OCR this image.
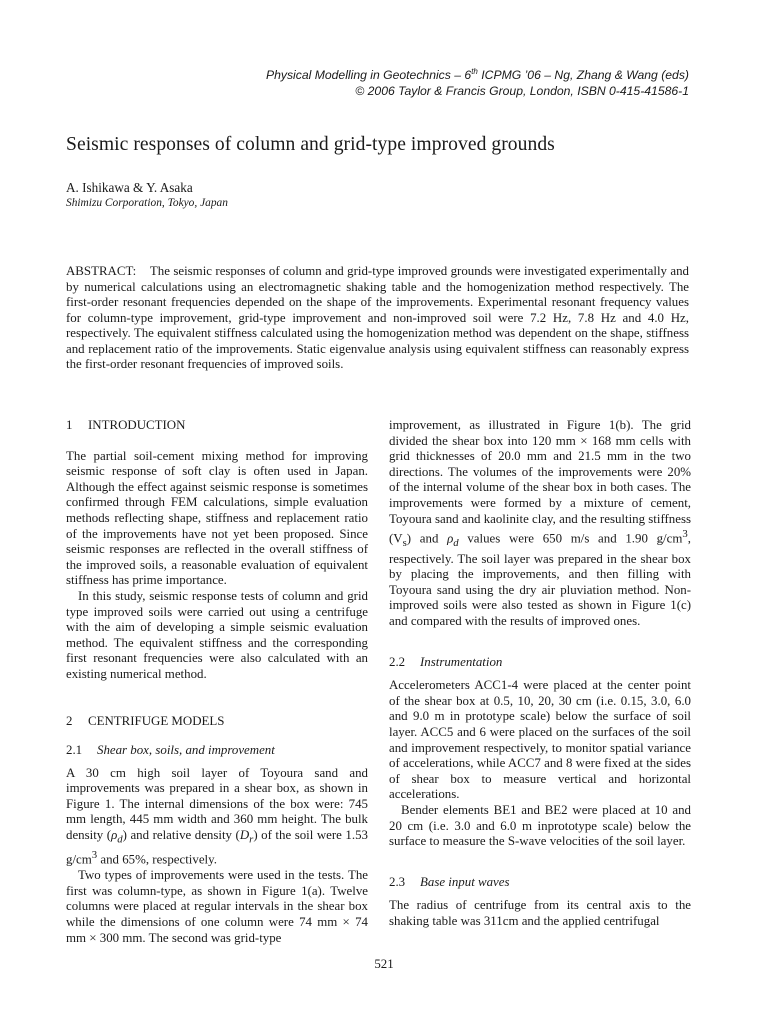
Physical Modelling in Geotechnics – 6th ICPMG ’06 – Ng, Zhang & Wang (eds)
© 2006 Taylor & Francis Group, London, ISBN 0-415-41586-1
Seismic responses of column and grid-type improved grounds
A. Ishikawa & Y. Asaka
Shimizu Corporation, Tokyo, Japan

ABSTRACT: The seismic responses of column and grid-type improved grounds were investigated experimentally and by numerical calculations using an electromagnetic shaking table and the homogenization method respectively. The first-order resonant frequencies depended on the shape of the improvements. Experimental resonant frequency values for column-type improvement, grid-type improvement and non-improved soil were 7.2 Hz, 7.8 Hz and 4.0 Hz, respectively. The equivalent stiffness calculated using the homogenization method was dependent on the shape, stiffness and replacement ratio of the improvements. Static eigenvalue analysis using equivalent stiffness can reasonably express the first-order resonant frequencies of improved soils.

1 INTRODUCTION

The partial soil-cement mixing method for improving seismic response of soft clay is often used in Japan. Although the effect against seismic response is sometimes confirmed through FEM calculations, simple evaluation methods reflecting shape, stiffness and replacement ratio of the improvements have not yet been proposed. Since seismic responses are reflected in the overall stiffness of the improved soils, a reasonable evaluation of equivalent stiffness has prime importance.

In this study, seismic response tests of column and grid type improved soils were carried out using a centrifuge with the aim of developing a simple seismic evaluation method. The equivalent stiffness and the corresponding first resonant frequencies were also calculated with an existing numerical method.

2 CENTRIFUGE MODELS
2.1 Shear box, soils, and improvement

A 30 cm high soil layer of Toyoura sand and improvements was prepared in a shear box, as shown in Figure 1. The internal dimensions of the box were: 745 mm length, 445 mm width and 360 mm height. The bulk density $(\rho_d)$ and relative density $(D_r)$ of the soil were 1.53 $g/cm^3$ and 65%, respectively.

Two types of improvements were used in the tests. The first was column-type, as shown in Figure 1(a). Twelve columns were placed at regular intervals in the shear box while the dimensions of one column were 74 mm × 74 mm × 300 mm. The second was grid-type

improvement, as illustrated in Figure 1(b). The grid divided the shear box into 120 mm × 168 mm cells with grid thicknesses of 20.0 mm and 21.5 mm in the two directions. The volumes of the improvements were 20% of the internal volume of the shear box in both cases. The improvements were formed by a mixture of cement, Toyoura sand and kaolinite clay, and the resulting stiffness $(V_s)$ and $\rho_d$ values were 650 m/s and 1.90 $g/cm^3$, respectively. The soil layer was prepared in the shear box by placing the improvements, and then filling with Toyoura sand using the dry air pluviation method. Non-improved soils were also tested as shown in Figure 1(c) and compared with the results of improved ones.

2.2 Instrumentation

Accelerometers ACC1-4 were placed at the center point of the shear box at 0.5, 10, 20, 30 cm (i.e. 0.15, 3.0, 6.0 and 9.0 m in prototype scale) below the surface of soil layer. ACC5 and 6 were placed on the surfaces of the soil and improvement respectively, to monitor spatial variance of accelerations, while ACC7 and 8 were fixed at the sides of shear box to measure vertical and horizontal accelerations.

Bender elements BE1 and BE2 were placed at 10 and 20 cm (i.e. 3.0 and 6.0 m inprototype scale) below the surface to measure the S-wave velocities of the soil layer.

2.3 Base input waves

The radius of centrifuge from its central axis to the shaking table was 311cm and the applied centrifugal

521
